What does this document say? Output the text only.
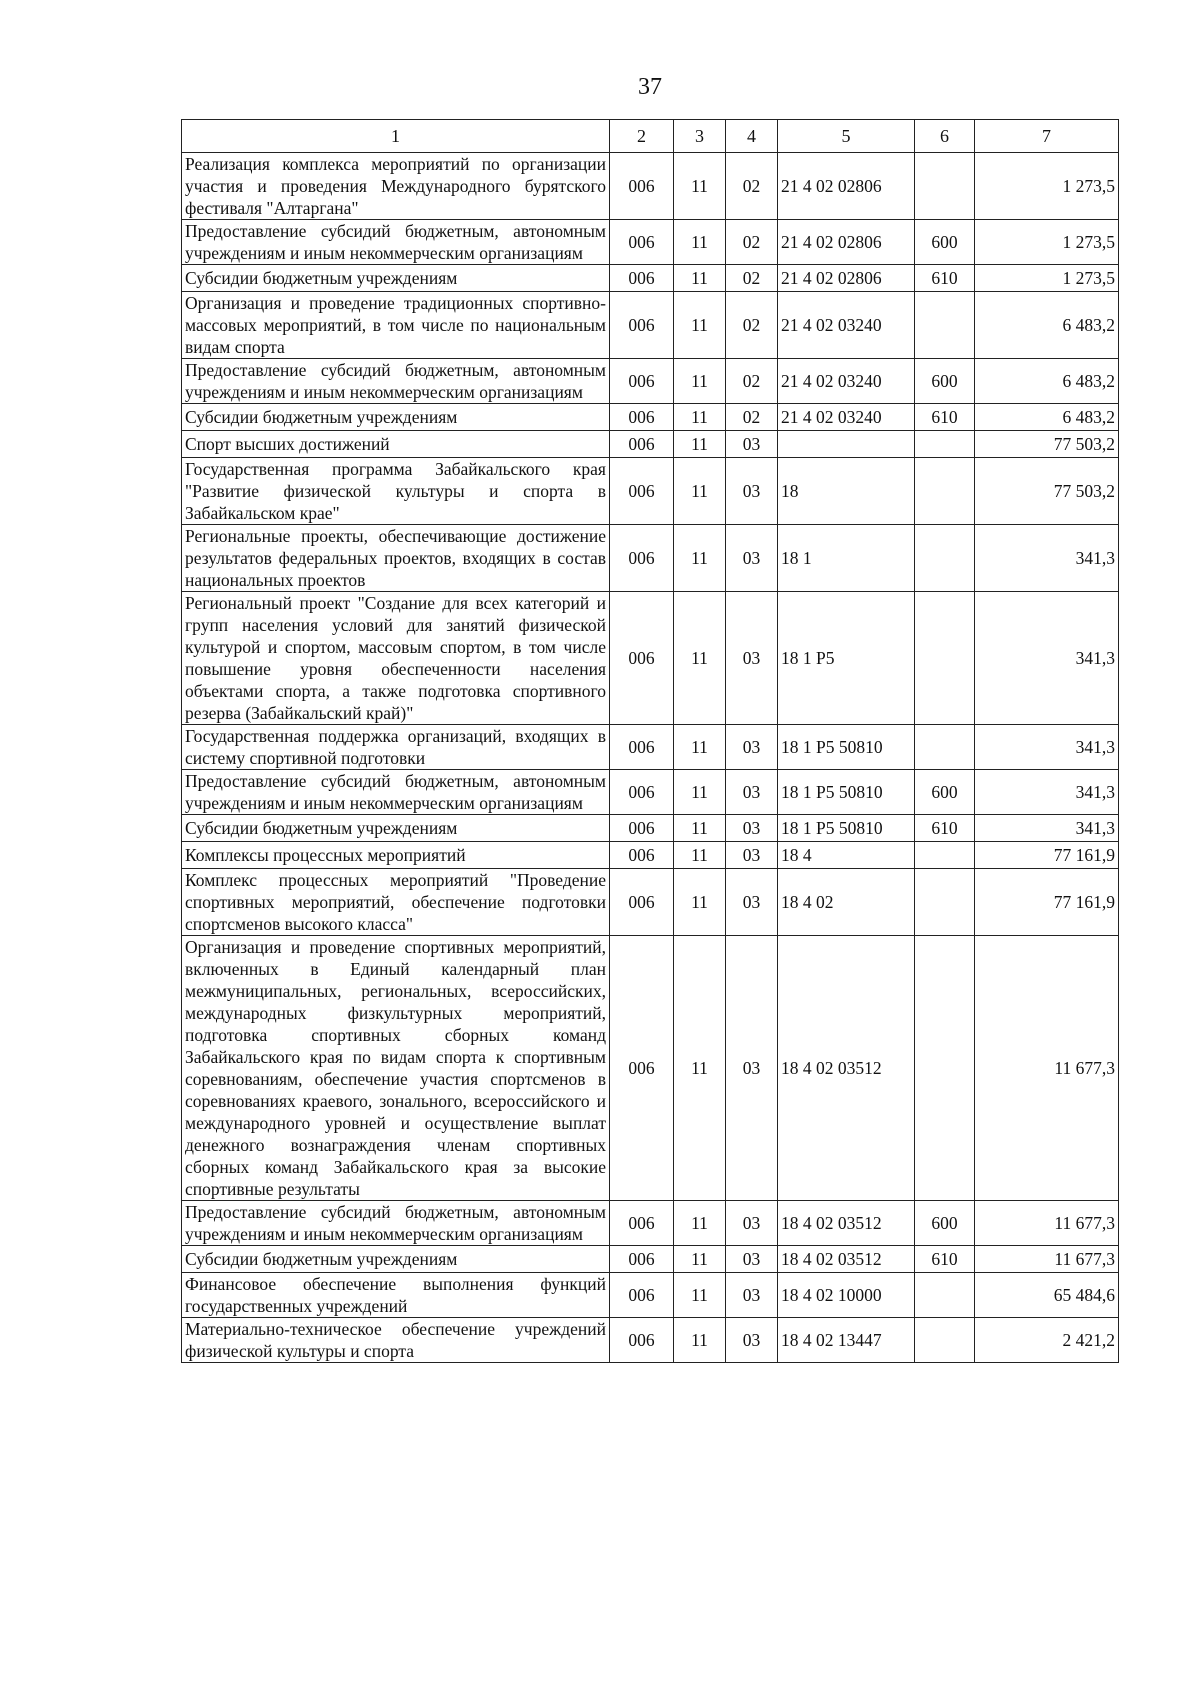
37
1	2	3	4	5	6	7
Реализация комплекса мероприятий по организации участия и проведения Международного бурятского фестиваля "Алтаргана"	006	11	02	21 4 02 02806		1 273,5
Предоставление субсидий бюджетным, автономным учреждениям и иным некоммерческим организациям	006	11	02	21 4 02 02806	600	1 273,5
Субсидии бюджетным учреждениям	006	11	02	21 4 02 02806	610	1 273,5
Организация и проведение традиционных спортивно-массовых мероприятий, в том числе по национальным видам спорта	006	11	02	21 4 02 03240		6 483,2
Предоставление субсидий бюджетным, автономным учреждениям и иным некоммерческим организациям	006	11	02	21 4 02 03240	600	6 483,2
Субсидии бюджетным учреждениям	006	11	02	21 4 02 03240	610	6 483,2
Спорт высших достижений	006	11	03			77 503,2
Государственная программа Забайкальского края "Развитие физической культуры и спорта в Забайкальском крае"	006	11	03	18		77 503,2
Региональные проекты, обеспечивающие достижение результатов федеральных проектов, входящих в состав национальных проектов	006	11	03	18 1		341,3
Региональный проект "Создание для всех категорий и групп населения условий для занятий физической культурой и спортом, массовым спортом, в том числе повышение уровня обеспеченности населения объектами спорта, а также подготовка спортивного резерва (Забайкальский край)"	006	11	03	18 1 P5		341,3
Государственная поддержка организаций, входящих в систему спортивной подготовки	006	11	03	18 1 P5 50810		341,3
Предоставление субсидий бюджетным, автономным учреждениям и иным некоммерческим организациям	006	11	03	18 1 P5 50810	600	341,3
Субсидии бюджетным учреждениям	006	11	03	18 1 P5 50810	610	341,3
Комплексы процессных мероприятий	006	11	03	18 4		77 161,9
Комплекс процессных мероприятий "Проведение спортивных мероприятий, обеспечение подготовки спортсменов высокого класса"	006	11	03	18 4 02		77 161,9
Организация и проведение спортивных мероприятий, включенных в Единый календарный план межмуниципальных, региональных, всероссийских, международных физкультурных мероприятий, подготовка спортивных сборных команд Забайкальского края по видам спорта к спортивным соревнованиям, обеспечение участия спортсменов в соревнованиях краевого, зонального, всероссийского и международного уровней и осуществление выплат денежного вознаграждения членам спортивных сборных команд Забайкальского края за высокие спортивные результаты	006	11	03	18 4 02 03512		11 677,3
Предоставление субсидий бюджетным, автономным учреждениям и иным некоммерческим организациям	006	11	03	18 4 02 03512	600	11 677,3
Субсидии бюджетным учреждениям	006	11	03	18 4 02 03512	610	11 677,3
Финансовое обеспечение выполнения функций государственных учреждений	006	11	03	18 4 02 10000		65 484,6
Материально-техническое обеспечение учреждений физической культуры и спорта	006	11	03	18 4 02 13447		2 421,2
